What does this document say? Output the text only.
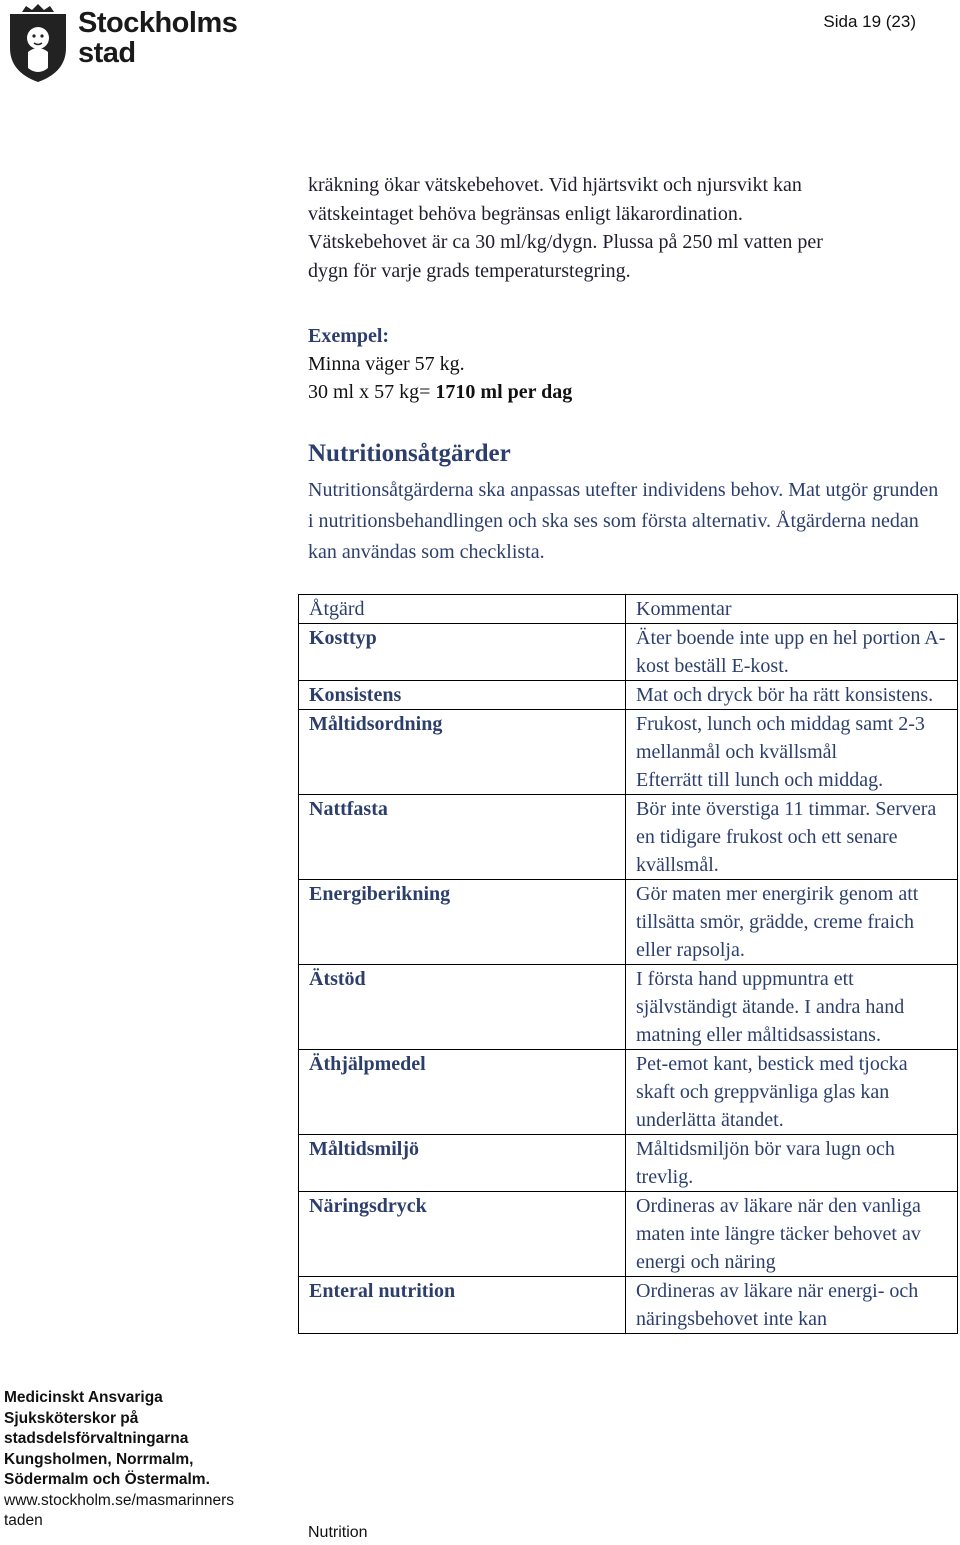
Stockholms
stad
Sida 19 (23)

kräkning ökar vätskebehovet. Vid hjärtsvikt och njursvikt kan

vätskeintaget behöva begränsas enligt läkarordination.

Vätskebehovet är ca 30 ml/kg/dygn. Plussa på 250 ml vatten per

dygn för varje grads temperaturstegring.

Exempel:
Minna väger 57 kg.
30 ml x 57 kg= 1710 ml per dag
Nutritionsåtgärder
Nutritionsåtgärderna ska anpassas utefter individens behov. Mat utgör grunden i nutritionsbehandlingen och ska ses som första alternativ. Åtgärderna nedan kan användas som checklista.
Åtgärd	Kommentar
Kosttyp	Äter boende inte upp en hel portion A-kost beställ E-kost.
Konsistens	Mat och dryck bör ha rätt konsistens.
Måltidsordning	Frukost, lunch och middag samt 2-3 mellanmål och kvällsmål
Efterrätt till lunch och middag.

Nattfasta	Bör inte överstiga 11 timmar. Servera en tidigare frukost och ett senare kvällsmål.
Energiberikning	Gör maten mer energirik genom att tillsätta smör, grädde, creme fraich eller rapsolja.
Ätstöd	I första hand uppmuntra ett självständigt ätande. I andra hand matning eller måltidsassistans.
Äthjälpmedel	Pet-emot kant, bestick med tjocka skaft och greppvänliga glas kan underlätta ätandet.
Måltidsmiljö	Måltidsmiljön bör vara lugn och trevlig.
Näringsdryck	Ordineras av läkare när den vanliga maten inte längre täcker behovet av energi och näring
Enteral nutrition	Ordineras av läkare när energi- och näringsbehovet inte kan
Medicinskt Ansvariga
Sjuksköterskor på
stadsdelsförvaltningarna
Kungsholmen, Norrmalm,
Södermalm och Östermalm.
www.stockholm.se/masmarinners
taden
Nutrition
